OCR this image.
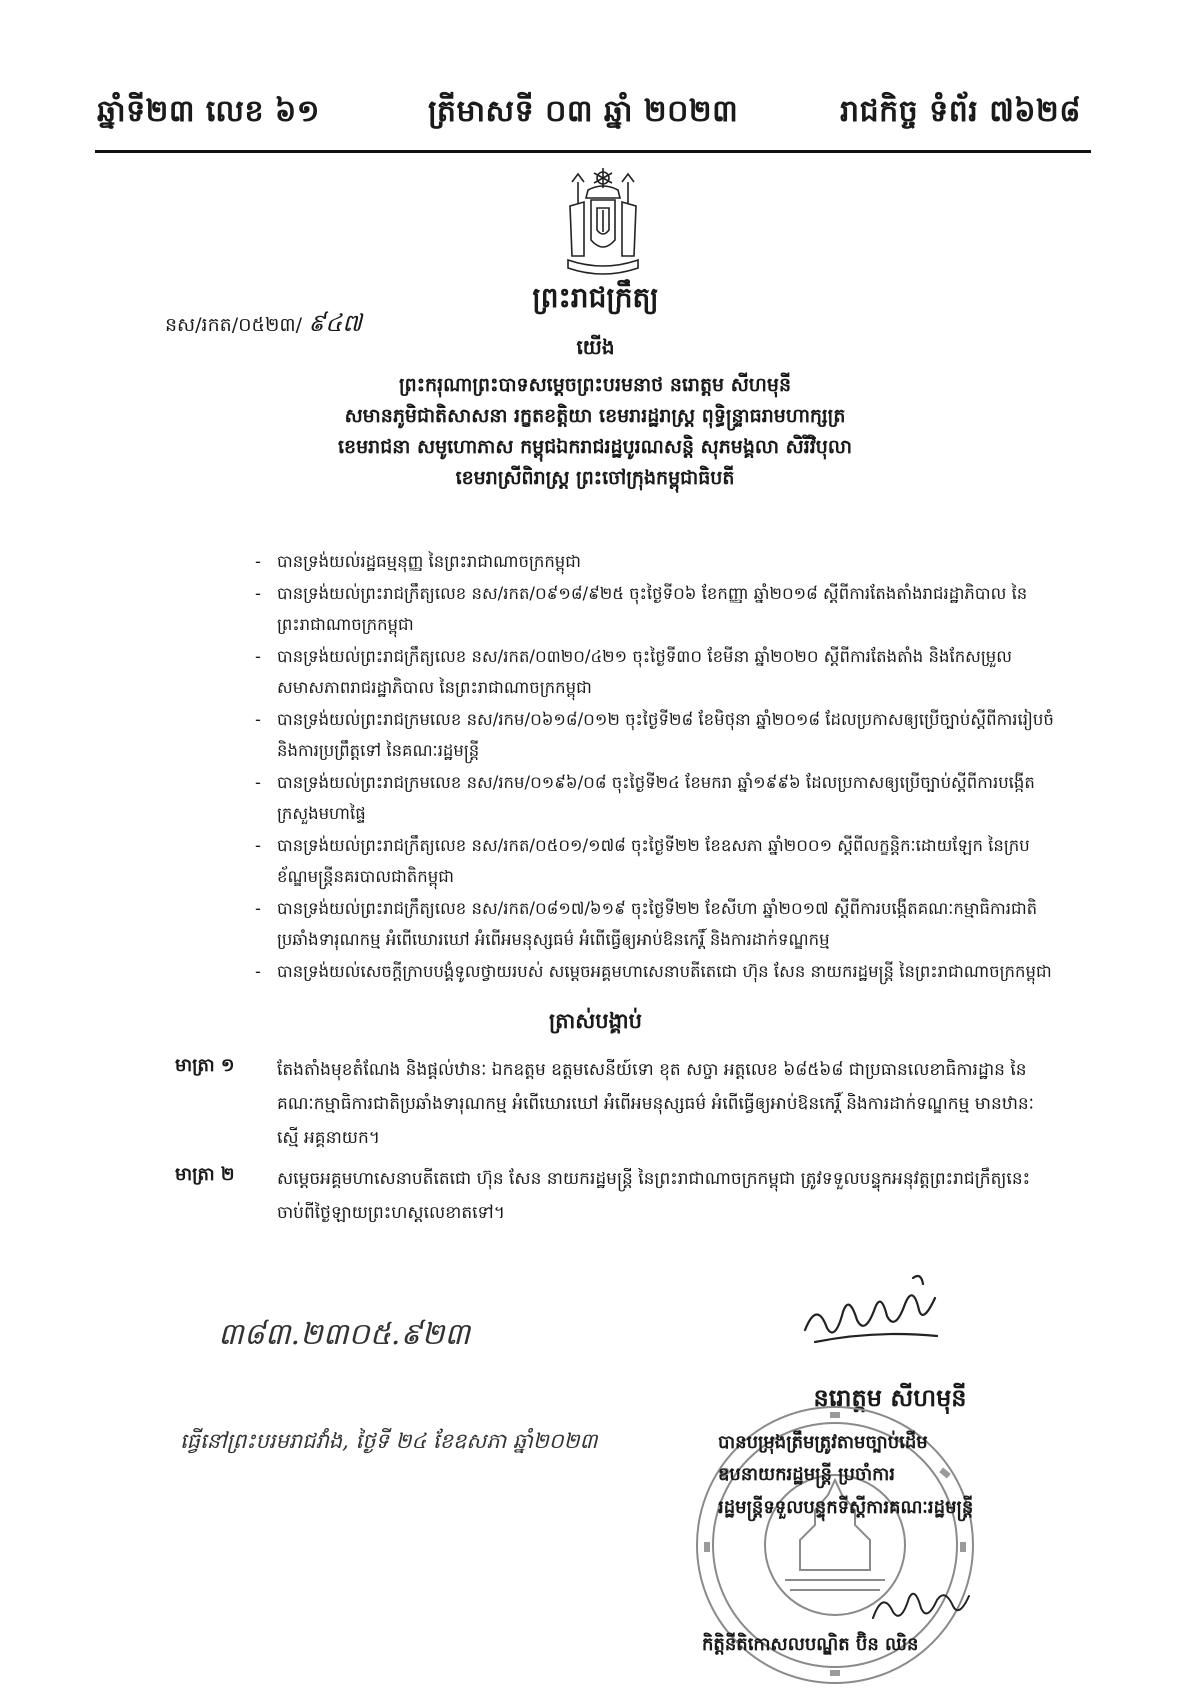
ឆ្នាំទី២៣ លេខ ៦១	ត្រីមាសទី ០៣ ឆ្នាំ ២០២៣	រាជកិច្ច ទំព័រ ៧៦២៨
ព្រះរាជក្រឹត្យ
នស/រកត/០៥២៣/ ៩៤៧
យើង
ព្រះករុណាព្រះបាទសម្តេចព្រះបរមនាថ នរោត្តម សីហមុនី
សមានភូមិជាតិសាសនា រក្ខតខត្តិយា ខេមរារដ្ឋរាស្ត្រ ពុទ្ធិន្ទ្រាធរាមហាក្សត្រ
ខេមរាជនា សមូហោភាស កម្ពុជឯករាជរដ្ឋបូរណសន្តិ សុភមង្គលា សិរីវិបុលា
ខេមរាស្រីពិរាស្ត្រ ព្រះចៅក្រុងកម្ពុជាធិបតី
- បានទ្រង់យល់រដ្ឋធម្មនុញ្ញ នៃព្រះរាជាណាចក្រកម្ពុជា
- បានទ្រង់យល់ព្រះរាជក្រឹត្យលេខ នស/រកត/០៩១៨/៩២៥ ចុះថ្ងៃទី០៦ ខែកញ្ញា ឆ្នាំ២០១៨ ស្តីពីការតែងតាំងរាជរដ្ឋាភិបាល នៃព្រះរាជាណាចក្រកម្ពុជា
- បានទ្រង់យល់ព្រះរាជក្រឹត្យលេខ នស/រកត/០៣២០/៤២១ ចុះថ្ងៃទី៣០ ខែមីនា ឆ្នាំ២០២០ ស្តីពីការតែងតាំង និងកែសម្រួលសមាសភាពរាជរដ្ឋាភិបាល នៃព្រះរាជាណាចក្រកម្ពុជា
- បានទ្រង់យល់ព្រះរាជក្រមលេខ នស/រកម/០៦១៨/០១២ ចុះថ្ងៃទី២៨ ខែមិថុនា ឆ្នាំ២០១៨ ដែលប្រកាសឲ្យប្រើច្បាប់ស្តីពីការរៀបចំ និងការប្រព្រឹត្តទៅ នៃគណៈរដ្ឋមន្ត្រី
- បានទ្រង់យល់ព្រះរាជក្រមលេខ នស/រកម/០១៩៦/០៨ ចុះថ្ងៃទី២៤ ខែមករា ឆ្នាំ១៩៩៦ ដែលប្រកាសឲ្យប្រើច្បាប់ស្តីពីការបង្កើតក្រសួងមហាផ្ទៃ
- បានទ្រង់យល់ព្រះរាជក្រឹត្យលេខ នស/រកត/០៥០១/១៧៨ ចុះថ្ងៃទី២២ ខែឧសភា ឆ្នាំ២០០១ ស្តីពីលក្ខន្តិកៈដោយឡែក នៃក្របខ័ណ្ឌមន្ត្រីនគរបាលជាតិកម្ពុជា
- បានទ្រង់យល់ព្រះរាជក្រឹត្យលេខ នស/រកត/០៨១៧/៦១៩ ចុះថ្ងៃទី២២ ខែសីហា ឆ្នាំ២០១៧ ស្តីពីការបង្កើតគណៈកម្មាធិការជាតិប្រឆាំងទារុណកម្ម អំពើឃោរឃៅ អំពើអមនុស្សធម៌ អំពើធ្វើឲ្យអាប់ឱនកេរ្តិ៍ និងការដាក់ទណ្ឌកម្ម
- បានទ្រង់យល់សេចក្តីក្រាបបង្គំទូលថ្វាយរបស់ សម្តេចអគ្គមហាសេនាបតីតេជោ ហ៊ុន សែន នាយករដ្ឋមន្ត្រី នៃព្រះរាជាណាចក្រកម្ពុជា
ត្រាស់បង្គាប់
មាត្រា ១ តែងតាំងមុខតំណែង និងផ្តល់ឋានៈ ឯកឧត្តម ឧត្តមសេនីយ៍ទោ ខុត សច្ចា អត្តលេខ ៦៨៥៦៨ ជាប្រធានលេខាធិការដ្ឋាន នៃគណៈកម្មាធិការជាតិប្រឆាំងទារុណកម្ម អំពើឃោរឃៅ អំពើអមនុស្សធម៌ អំពើធ្វើឲ្យអាប់ឱនកេរ្តិ៍ និងការដាក់ទណ្ឌកម្ម មានឋានៈស្មើ អគ្គនាយក។
មាត្រា ២ សម្តេចអគ្គមហាសេនាបតីតេជោ ហ៊ុន សែន នាយករដ្ឋមន្ត្រី នៃព្រះរាជាណាចក្រកម្ពុជា ត្រូវទទួលបន្ទុកអនុវត្តព្រះរាជក្រឹត្យនេះ ចាប់ពីថ្ងៃឡាយព្រះហស្តលេខាតទៅ។
៣៨៣.២៣០៥.៩២៣
នរោត្តម សីហមុនី
ធ្វើនៅព្រះបរមរាជវាំង, ថ្ងៃទី ២៤ ខែឧសភា ឆ្នាំ២០២៣	បានបម្រុងត្រឹមត្រូវតាមច្បាប់ដើម
ឧបនាយករដ្ឋមន្ត្រី ប្រចាំការ
រដ្ឋមន្ត្រីទទួលបន្ទុកទីស្តីការគណៈរដ្ឋមន្ត្រី
កិត្តិនីតិកោសលបណ្ឌិត ប៊ិន ឈិន
